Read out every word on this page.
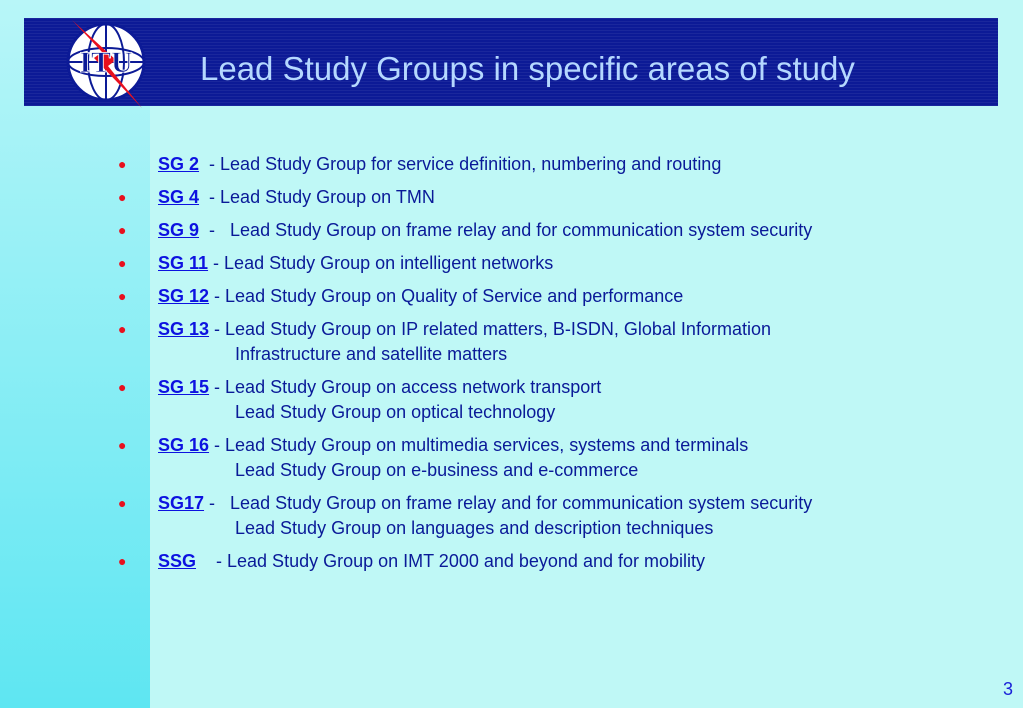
ITU Lead Study Groups in specific areas of study
●	SG 2  - Lead Study Group for service definition, numbering and routing
●	SG 4  - Lead Study Group on TMN
●	SG 9  -   Lead Study Group on frame relay and for communication system security
●	SG 11 - Lead Study Group on intelligent networks
●	SG 12 - Lead Study Group on Quality of Service and performance
●	SG 13 - Lead Study Group on IP related matters, B-ISDN, Global Information
Infrastructure and satellite matters
●	SG 15 - Lead Study Group on access network transport
Lead Study Group on optical technology
●	SG 16 - Lead Study Group on multimedia services, systems and terminals
Lead Study Group on e-business and e-commerce
●	SG17 -   Lead Study Group on frame relay and for communication system security
Lead Study Group on languages and description techniques
●	SSG    - Lead Study Group on IMT 2000 and beyond and for mobility
3
